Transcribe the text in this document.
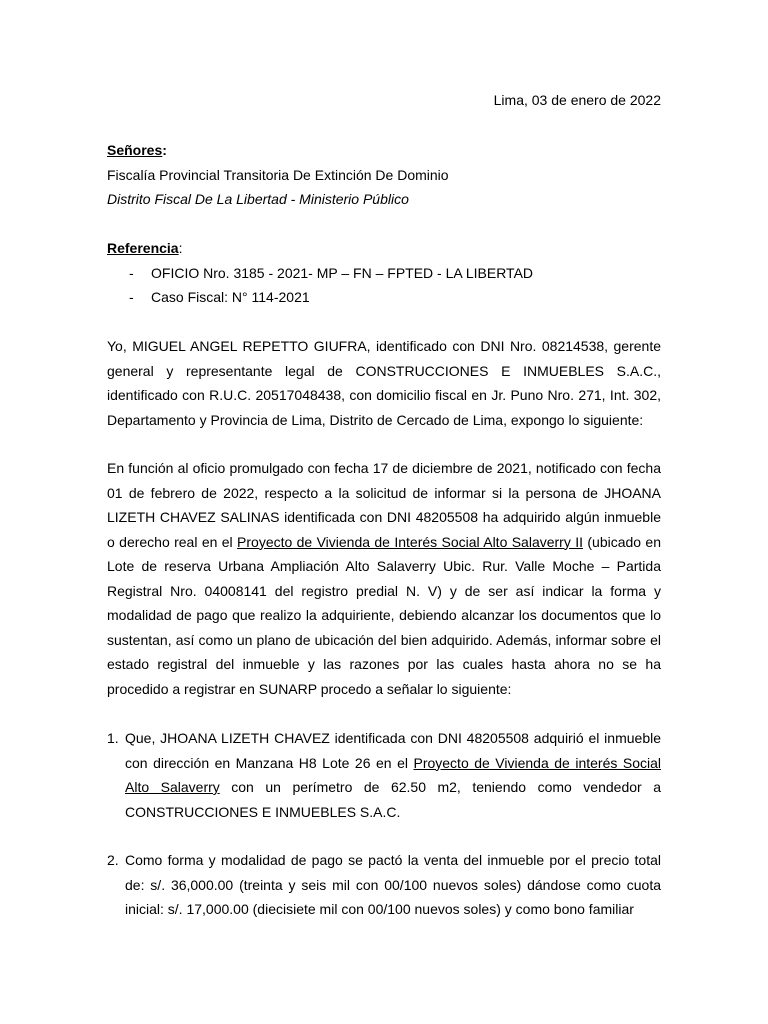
Lima, 03 de enero de 2022

Señores:

Fiscalía Provincial Transitoria De Extinción De Dominio

Distrito Fiscal De La Libertad - Ministerio Público

Referencia:

-	OFICIO Nro. 3185 - 2021- MP – FN – FPTED - LA LIBERTAD
-	Caso Fiscal: N° 114-2021

Yo, MIGUEL ANGEL REPETTO GIUFRA, identificado con DNI Nro. 08214538, gerente general y representante legal de CONSTRUCCIONES E INMUEBLES S.A.C., identificado con R.U.C. 20517048438, con domicilio fiscal en Jr. Puno Nro. 271, Int. 302, Departamento y Provincia de Lima, Distrito de Cercado de Lima, expongo lo siguiente:

En función al oficio promulgado con fecha 17 de diciembre de 2021, notificado con fecha 01 de febrero de 2022, respecto a la solicitud de informar si la persona de JHOANA LIZETH CHAVEZ SALINAS identificada con DNI 48205508 ha adquirido algún inmueble o derecho real en el Proyecto de Vivienda de Interés Social Alto Salaverry II (ubicado en Lote de reserva Urbana Ampliación Alto Salaverry Ubic. Rur. Valle Moche – Partida Registral Nro. 04008141 del registro predial N. V) y de ser así indicar la forma y modalidad de pago que realizo la adquiriente, debiendo alcanzar los documentos que lo sustentan, así como un plano de ubicación del bien adquirido. Además, informar sobre el estado registral del inmueble y las razones por las cuales hasta ahora no se ha procedido a registrar en SUNARP procedo a señalar lo siguiente:

1. Que, JHOANA LIZETH CHAVEZ identificada con DNI 48205508 adquirió el inmueble con dirección en Manzana H8 Lote 26 en el Proyecto de Vivienda de interés Social Alto Salaverry con un perímetro de 62.50 m2, teniendo como vendedor a CONSTRUCCIONES E INMUEBLES S.A.C.
2. Como forma y modalidad de pago se pactó la venta del inmueble por el precio total de: s/. 36,000.00 (treinta y seis mil con 00/100 nuevos soles) dándose como cuota inicial: s/. 17,000.00 (diecisiete mil con 00/100 nuevos soles) y como bono familiar
